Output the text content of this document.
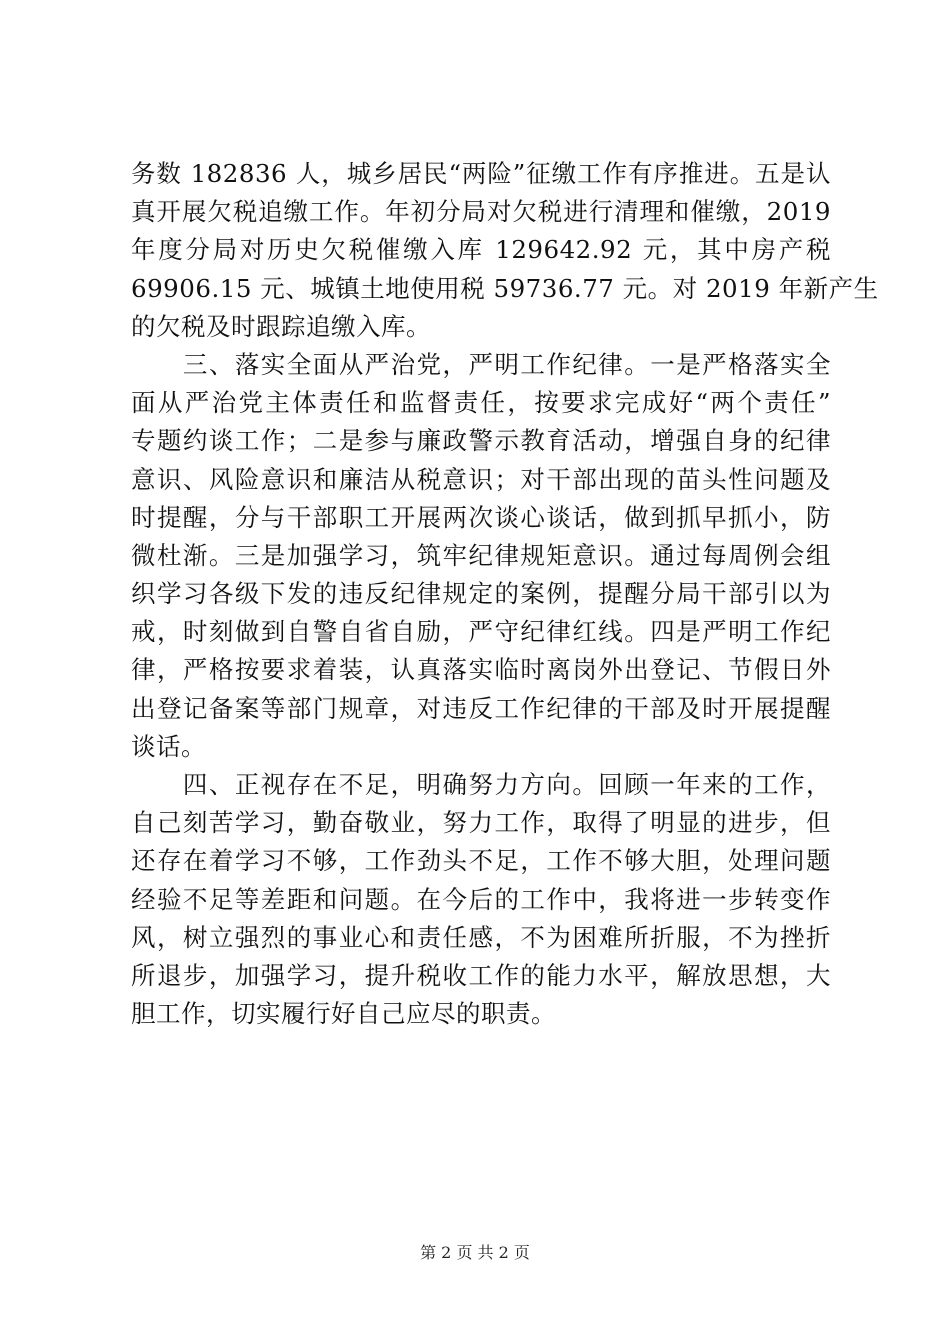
务数 182836 人，城乡居民“两险”征缴工作有序推进。五是认
真开展欠税追缴工作。年初分局对欠税进行清理和催缴，2019
年度分局对历史欠税催缴入库 129642.92 元，其中房产税
69906.15 元、城镇土地使用税 59736.77 元。对 2019 年新产生
的欠税及时跟踪追缴入库。
　　三、落实全面从严治党，严明工作纪律。一是严格落实全
面从严治党主体责任和监督责任，按要求完成好“两个责任”
专题约谈工作；二是参与廉政警示教育活动，增强自身的纪律
意识、风险意识和廉洁从税意识；对干部出现的苗头性问题及
时提醒，分与干部职工开展两次谈心谈话，做到抓早抓小，防
微杜渐。三是加强学习，筑牢纪律规矩意识。通过每周例会组
织学习各级下发的违反纪律规定的案例，提醒分局干部引以为
戒，时刻做到自警自省自励，严守纪律红线。四是严明工作纪
律，严格按要求着装，认真落实临时离岗外出登记、节假日外
出登记备案等部门规章，对违反工作纪律的干部及时开展提醒
谈话。
　　四、正视存在不足，明确努力方向。回顾一年来的工作，
自己刻苦学习，勤奋敬业，努力工作，取得了明显的进步，但
还存在着学习不够，工作劲头不足，工作不够大胆，处理问题
经验不足等差距和问题。在今后的工作中，我将进一步转变作
风，树立强烈的事业心和责任感，不为困难所折服，不为挫折
所退步，加强学习，提升税收工作的能力水平，解放思想，大
胆工作，切实履行好自己应尽的职责。
第 2 页 共 2 页
